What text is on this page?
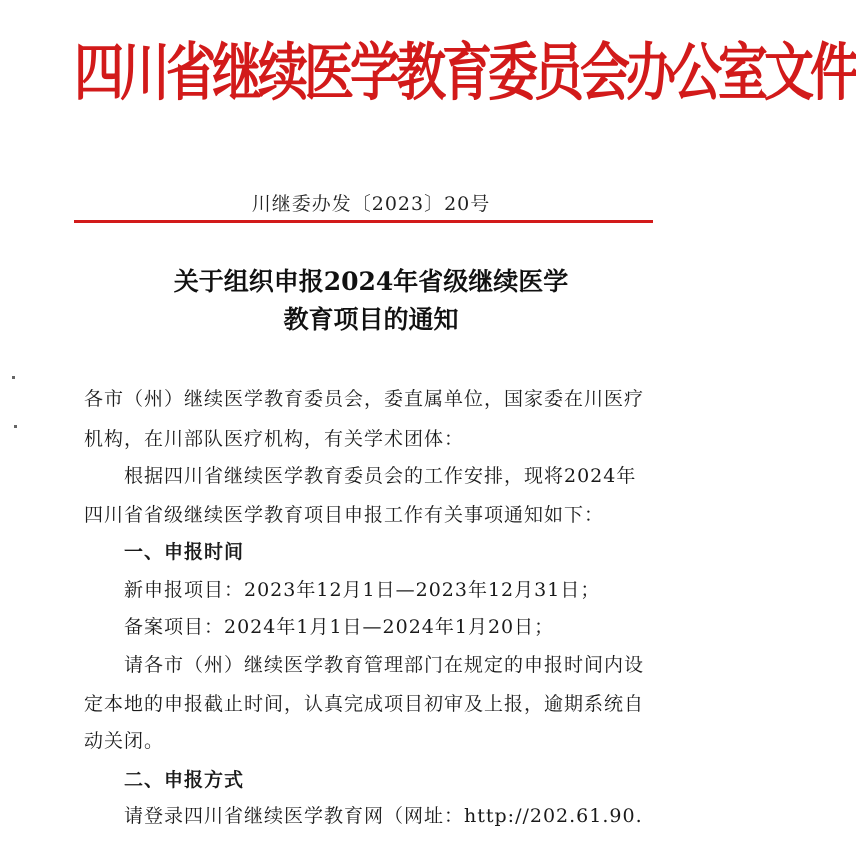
四川省继续医学教育委员会办公室文件
川继委办发〔2023〕20号
关于组织申报2024年省级继续医学
教育项目的通知
各市（州）继续医学教育委员会，委直属单位，国家委在川医疗
机构，在川部队医疗机构，有关学术团体：
根据四川省继续医学教育委员会的工作安排，现将2024年
四川省省级继续医学教育项目申报工作有关事项通知如下：
一、申报时间
新申报项目：2023年12月1日—2023年12月31日；
备案项目：2024年1月1日—2024年1月20日；
请各市（州）继续医学教育管理部门在规定的申报时间内设
定本地的申报截止时间，认真完成项目初审及上报，逾期系统自
动关闭。
二、申报方式
请登录四川省继续医学教育网（网址：http://202.61.90.
